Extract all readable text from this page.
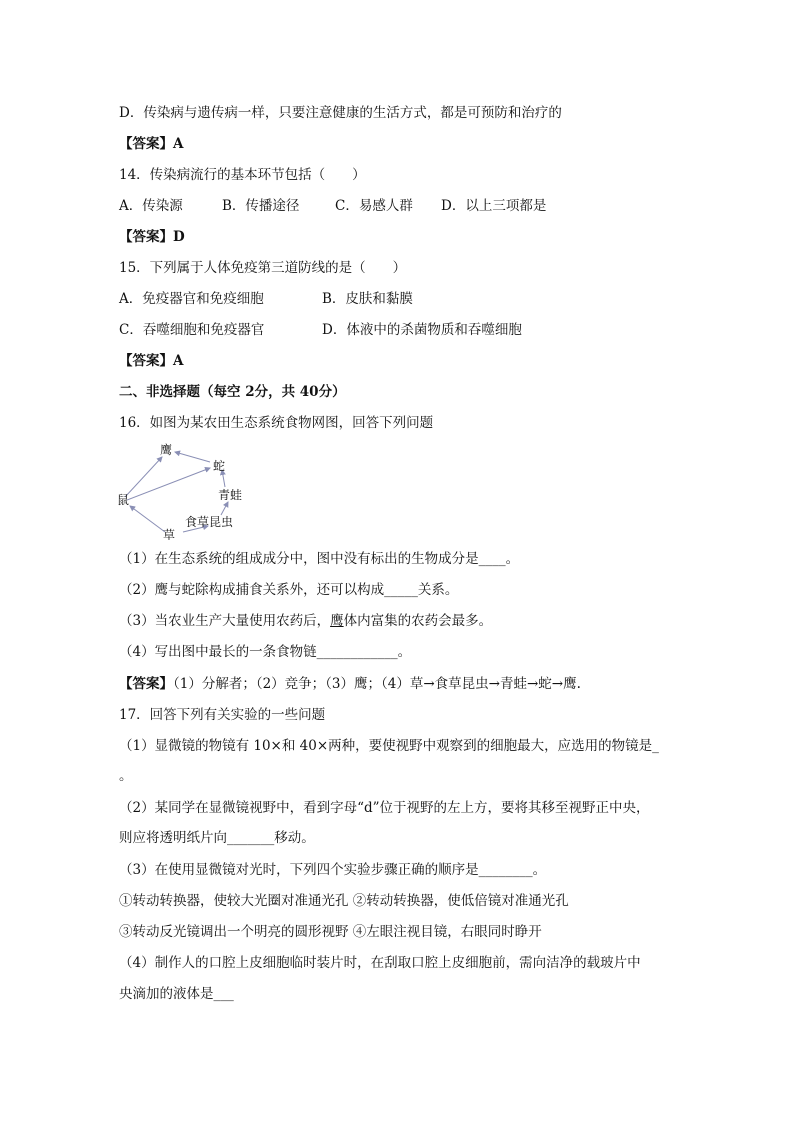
D．传染病与遗传病一样，只要注意健康的生活方式，都是可预防和治疗的
【答案】A
14．传染病流行的基本环节包括（　　）
A．传染源	B．传播途径	C．易感人群 D．以上三项都是
【答案】D
15．下列属于人体免疫第三道防线的是（　　）
A．免疫器官和免疫细胞	B．皮肤和黏膜
C．吞噬细胞和免疫器官	D．体液中的杀菌物质和吞噬细胞
【答案】A
二、非选择题（每空 2分，共 40分）
16．如图为某农田生态系统食物网图，回答下列问题
鹰
蛇
青蛙
鼠
草
食草昆虫
（1）在生态系统的组成成分中，图中没有标出的生物成分是____。
（2）鹰与蛇除构成捕食关系外，还可以构成_____关系。
（3）当农业生产大量使用农药后，鹰体内富集的农药会最多。
（4）写出图中最长的一条食物链____________。
【答案】（1）分解者；（2）竞争；（3）鹰；（4）草→食草昆虫→青蛙→蛇→鹰.
17．回答下列有关实验的一些问题
（1）显微镜的物镜有 10×和 40×两种，要使视野中观察到的细胞最大，应选用的物镜是_
。
（2）某同学在显微镜视野中，看到字母“d”位于视野的左上方，要将其移至视野正中央，
则应将透明纸片向_______移动。
（3）在使用显微镜对光时，下列四个实验步骤正确的顺序是________。
①转动转换器，使较大光圈对准通光孔 ②转动转换器，使低倍镜对准通光孔
③转动反光镜调出一个明亮的圆形视野 ④左眼注视目镜，右眼同时睁开
（4）制作人的口腔上皮细胞临时装片时，在刮取口腔上皮细胞前，需向洁净的载玻片中
央滴加的液体是___
